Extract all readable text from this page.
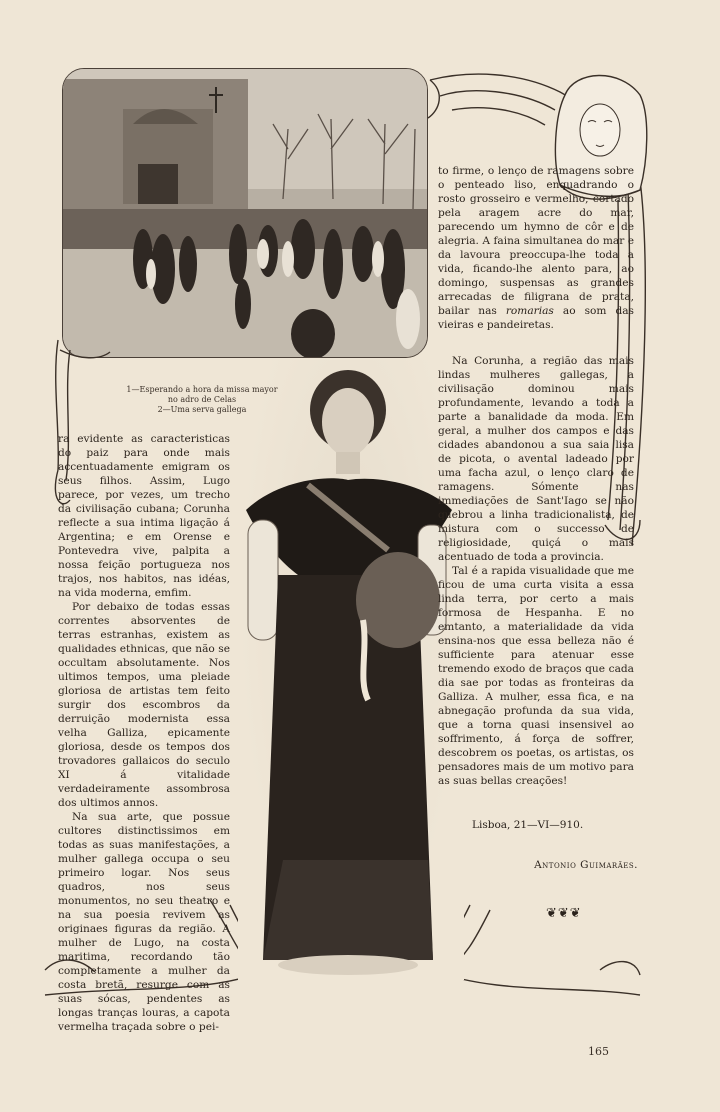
1—Esperando a hora da missa mayor
no adro de Celas
2—Uma serva gallega

to firme, o lenço de ramagens sobre o penteado liso, enquadrando o rosto grosseiro e vermelho, cortado pela aragem acre do mar, parecendo um hymno de côr e de alegria. A faina simultanea do mar e da lavoura preoccupa-lhe toda a vida, ficando-lhe alento para, ao domingo, suspensas as grandes arrecadas de filigrana de prata, bailar nas romarias ao som das vieiras e pandeiretas.

Na Corunha, a região das mais lindas mulheres gallegas, a civilisação dominou mais profundamente, levando a toda a parte a banalidade da moda. Em geral, a mulher dos campos e das cidades abandonou a sua saia lisa de picota, o avental ladeado por uma facha azul, o lenço claro de ramagens. Sómente nas immediações de Sant'Iago se não quebrou a linha tradicionalista, de mistura com o successo de religiosidade, quiçá o mais acentuado de toda a provincia.

Tal é a rapida visualidade que me ficou de uma curta visita a essa linda terra, por certo a mais formosa de Hespanha. E no emtanto, a materialidade da vida ensina-nos que essa belleza não é sufficiente para atenuar esse tremendo exodo de braços que cada dia sae por todas as fronteiras da Galliza. A mulher, essa fica, e na abnegação profunda da sua vida, que a torna quasi insensivel ao soffrimento, á força de soffrer, descobrem os poetas, os artistas, os pensadores mais de um motivo para as suas bellas creações!

ra evidente as caracteristicas do paiz para onde mais accentuadamente emigram os seus filhos. Assim, Lugo parece, por vezes, um trecho da civilisação cubana; Corunha reflecte a sua intima ligação á Argentina; e em Orense e Pontevedra vive, palpita a nossa feição portugueza nos trajos, nos habitos, nas idéas, na vida moderna, emfim.

Por debaixo de todas essas correntes absorventes de terras estranhas, existem as qualidades ethnicas, que não se occultam absolutamente. Nos ultimos tempos, uma pleiade gloriosa de artistas tem feito surgir dos escombros da derruição modernista essa velha Galliza, epicamente gloriosa, desde os tempos dos trovadores gallaicos do seculo XI á vitalidade verdadeiramente assombrosa dos ultimos annos.

Na sua arte, que possue cultores distinctissimos em todas as suas manifestações, a mulher gallega occupa o seu primeiro logar. Nos seus quadros, nos seus monumentos, no seu theatro e na sua poesia revivem as originaes figuras da região. A mulher de Lugo, na costa maritima, recordando tão completamente a mulher da costa bretã, resurge com as suas sócas, pendentes as longas tranças louras, a capota vermelha traçada sobre o pei-

Lisboa, 21—VI—910.
Antonio Guimarães.
❦❦❦
165
